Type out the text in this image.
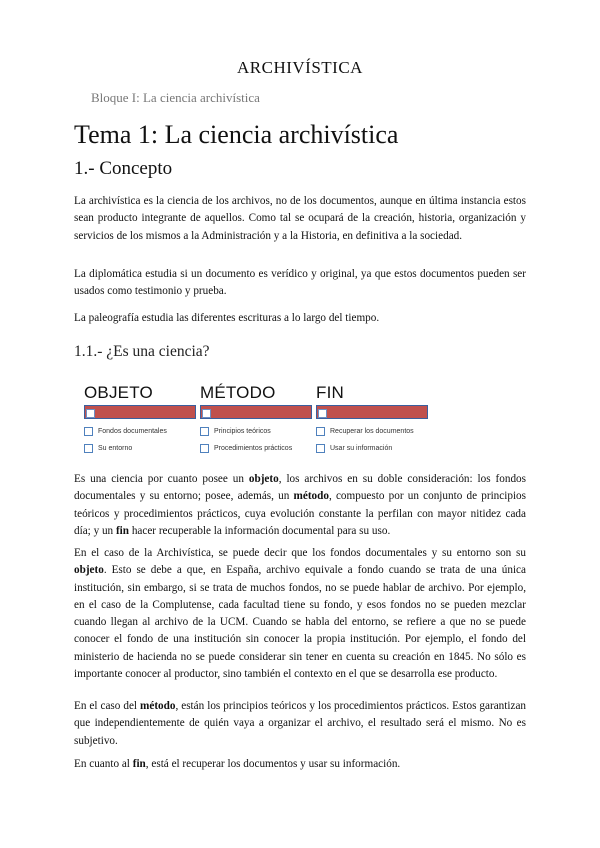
ARCHIVÍSTICA
Bloque I: La ciencia archivística
Tema 1: La ciencia archivística
1.- Concepto

La archivística es la ciencia de los archivos, no de los documentos, aunque en última instancia estos sean producto integrante de aquellos. Como tal se ocupará de la creación, historia, organización y servicios de los mismos a la Administración y a la Historia, en definitiva a la sociedad.

La diplomática estudia si un documento es verídico y original, ya que estos documentos pueden ser usados como testimonio y prueba.

La paleografía estudia las diferentes escrituras a lo largo del tiempo.

1.1.- ¿Es una ciencia?
OBJETO
Fondos documentales
Su entorno
MÉTODO
Principios teóricos
Procedimientos prácticos
FIN
Recuperar los documentos
Usar su información

Es una ciencia por cuanto posee un objeto, los archivos en su doble consideración: los fondos documentales y su entorno; posee, además, un método, compuesto por un conjunto de principios teóricos y procedimientos prácticos, cuya evolución constante la perfilan con mayor nitidez cada día; y un fin hacer recuperable la información documental para su uso.

En el caso de la Archivística, se puede decir que los fondos documentales y su entorno son su objeto. Esto se debe a que, en España, archivo equivale a fondo cuando se trata de una única institución, sin embargo, si se trata de muchos fondos, no se puede hablar de archivo. Por ejemplo, en el caso de la Complutense, cada facultad tiene su fondo, y esos fondos no se pueden mezclar cuando llegan al archivo de la UCM. Cuando se habla del entorno, se refiere a que no se puede conocer el fondo de una institución sin conocer la propia institución. Por ejemplo, el fondo del ministerio de hacienda no se puede considerar sin tener en cuenta su creación en 1845. No sólo es importante conocer al productor, sino también el contexto en el que se desarrolla ese producto.

En el caso del método, están los principios teóricos y los procedimientos prácticos. Estos garantizan que independientemente de quién vaya a organizar el archivo, el resultado será el mismo. No es subjetivo.

En cuanto al fin, está el recuperar los documentos y usar su información.
